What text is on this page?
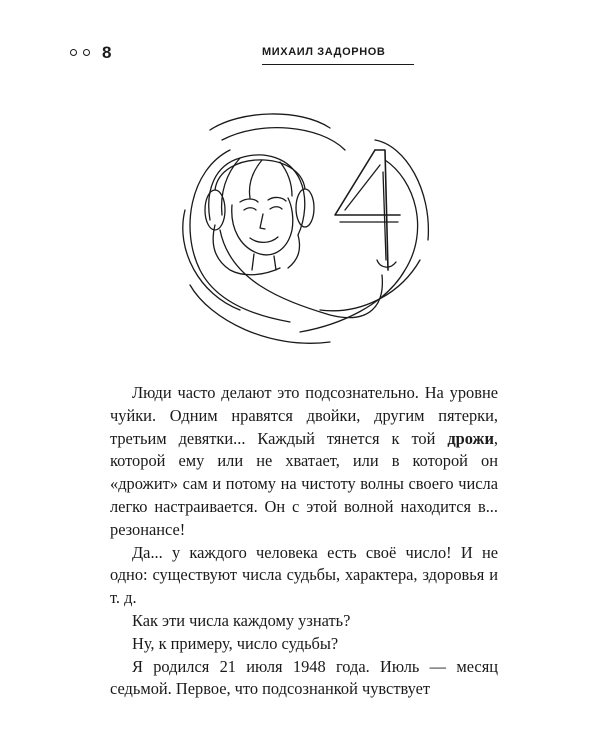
8	МИХАИЛ ЗАДОРНОВ

Люди часто делают это подсознательно. На уровне чуйки. Одним нравятся двойки, другим пятерки, третьим девятки... Каждый тянется к той дрожи, которой ему или не хватает, или в которой он «дрожит» сам и потому на чистоту волны своего числа легко настраивается. Он с этой волной находится в... резонансе!

Да... у каждого человека есть своё число! И не одно: существуют числа судьбы, характера, здоровья и т. д.

Как эти числа каждому узнать?

Ну, к примеру, число судьбы?

Я родился 21 июля 1948 года. Июль — месяц седьмой. Первое, что подсознанкой чувствует
